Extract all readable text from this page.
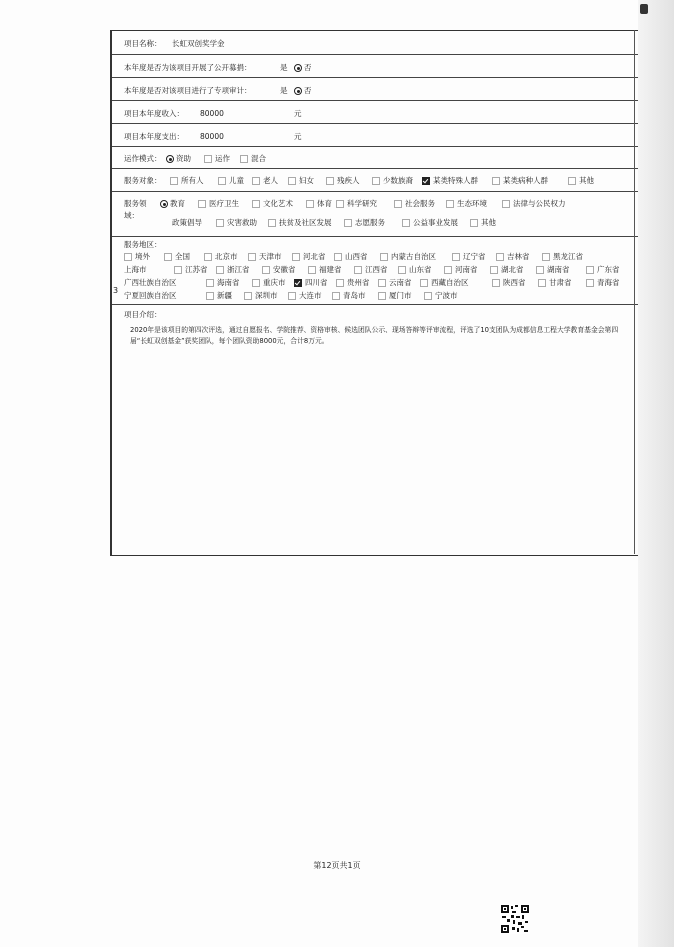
项目名称： 长虹双创奖学金
本年度是否为该项目开展了公开募捐：	是	否
本年度是否对该项目进行了专项审计：	是	否
项目本年度收入： 80000	元
项目本年度支出： 80000	元
运作模式：	资助	运作	混合
服务对象：	所有人	儿童	老人	妇女	残疾人	少数族裔	某类特殊人群	某类病种人群	其他
服务领
域：
教育	医疗卫生	文化艺术	体育	科学研究	社会服务	生态环境	法律与公民权力
政策倡导	灾害救助	扶贫及社区发展	志愿服务	公益事业发展	其他
服务地区：
境外	全国	北京市	天津市	河北省	山西省	内蒙古自治区	辽宁省	吉林省	黑龙江省
上海市	江苏省	浙江省	安徽省	福建省	江西省	山东省	河南省	湖北省	湖南省	广东省
广西壮族自治区	海南省	重庆市	四川省	贵州省	云南省	西藏自治区	陕西省	甘肃省	青海省
宁夏回族自治区	新疆	深圳市	大连市	青岛市	厦门市	宁波市
项目介绍：
2020年是该项目的第四次评选，通过自愿报名、学院推荐、资格审核、候选团队公示、现场答辩等评审流程，评选了10支团队为成都信息工程大学教育基金会第四届“长虹双创基金”获奖团队，每个团队资助8000元，合计8万元。
3
第12页共1页
